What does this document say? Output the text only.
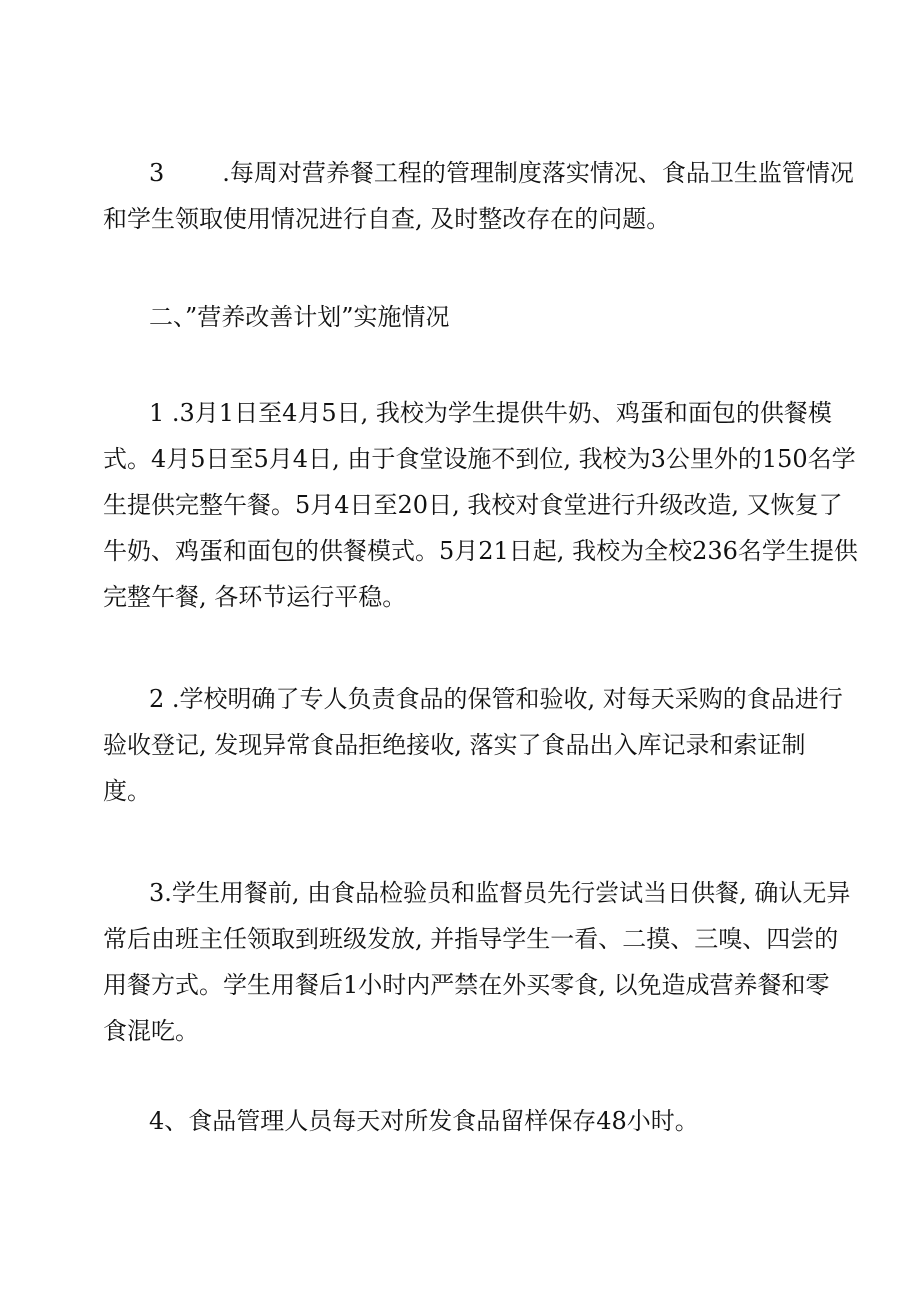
3 .每周对营养餐工程的管理制度落实情况、食品卫生监管情况
和学生领取使用情况进行自查, 及时整改存在的问题。

二、”营养改善计划”实施情况

1 .3月1日至4月5日, 我校为学生提供牛奶、鸡蛋和面包的供餐模
式。4月5日至5月4日, 由于食堂设施不到位, 我校为3公里外的150名学
生提供完整午餐。5月4日至20日, 我校对食堂进行升级改造, 又恢复了
牛奶、鸡蛋和面包的供餐模式。5月21日起, 我校为全校236名学生提供
完整午餐, 各环节运行平稳。

2 .学校明确了专人负责食品的保管和验收, 对每天采购的食品进行
验收登记, 发现异常食品拒绝接收, 落实了食品出入库记录和索证制
度。

3.学生用餐前, 由食品检验员和监督员先行尝试当日供餐, 确认无异
常后由班主任领取到班级发放, 并指导学生一看、二摸、三嗅、四尝的
用餐方式。学生用餐后1小时内严禁在外买零食, 以免造成营养餐和零
食混吃。

4、食品管理人员每天对所发食品留样保存48小时。
